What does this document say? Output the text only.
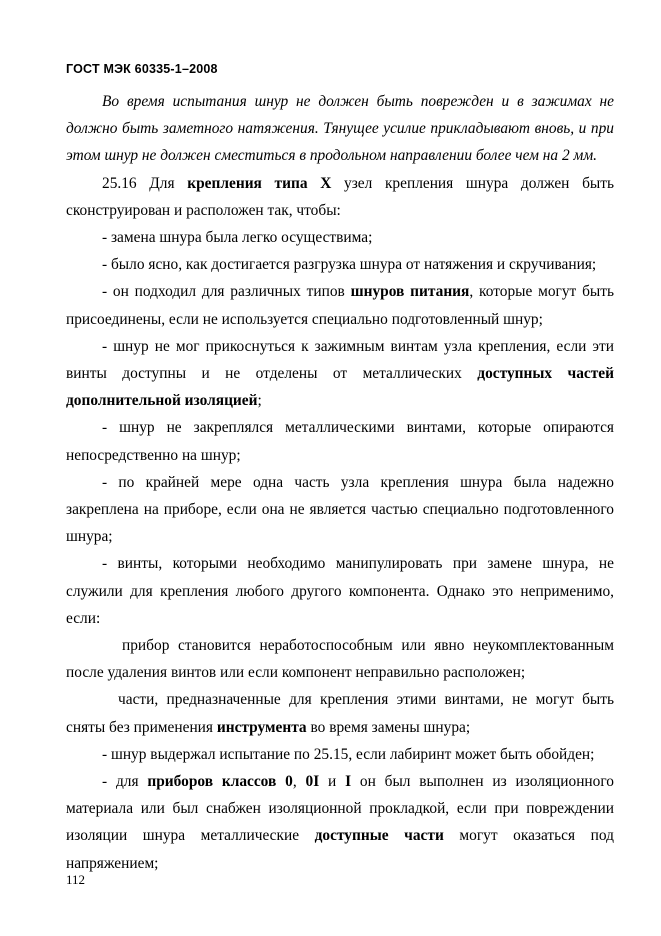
ГОСТ МЭК 60335-1–2008

Во время испытания шнур не должен быть поврежден и в зажимах не должно быть заметного натяжения. Тянущее усилие прикладывают вновь, и при этом шнур не должен сместиться в продольном направлении более чем на 2 мм.

25.16 Для крепления типа X узел крепления шнура должен быть сконструирован и расположен так, чтобы:

- замена шнура была легко осуществима;

- было ясно, как достигается разгрузка шнура от натяжения и скручивания;

- он подходил для различных типов шнуров питания, которые могут быть присоединены, если не используется специально подготовленный шнур;

- шнур не мог прикоснуться к зажимным винтам узла крепления, если эти винты доступны и не отделены от металлических доступных частей дополнительной изоляцией;

- шнур не закреплялся металлическими винтами, которые опираются непосредственно на шнур;

- по крайней мере одна часть узла крепления шнура была надежно закреплена на приборе, если она не является частью специально подготовленного шнура;

- винты, которыми необходимо манипулировать при замене шнура, не служили для крепления любого другого компонента. Однако это неприменимо, если:

прибор становится неработоспособным или явно неукомплектованным после удаления винтов или если компонент неправильно расположен;

части, предназначенные для крепления этими винтами, не могут быть сняты без применения инструмента во время замены шнура;

- шнур выдержал испытание по 25.15, если лабиринт может быть обойден;

- для приборов классов 0, 0I и I он был выполнен из изоляционного материала или был снабжен изоляционной прокладкой, если при повреждении изоляции шнура металлические доступные части могут оказаться под напряжением;

112
